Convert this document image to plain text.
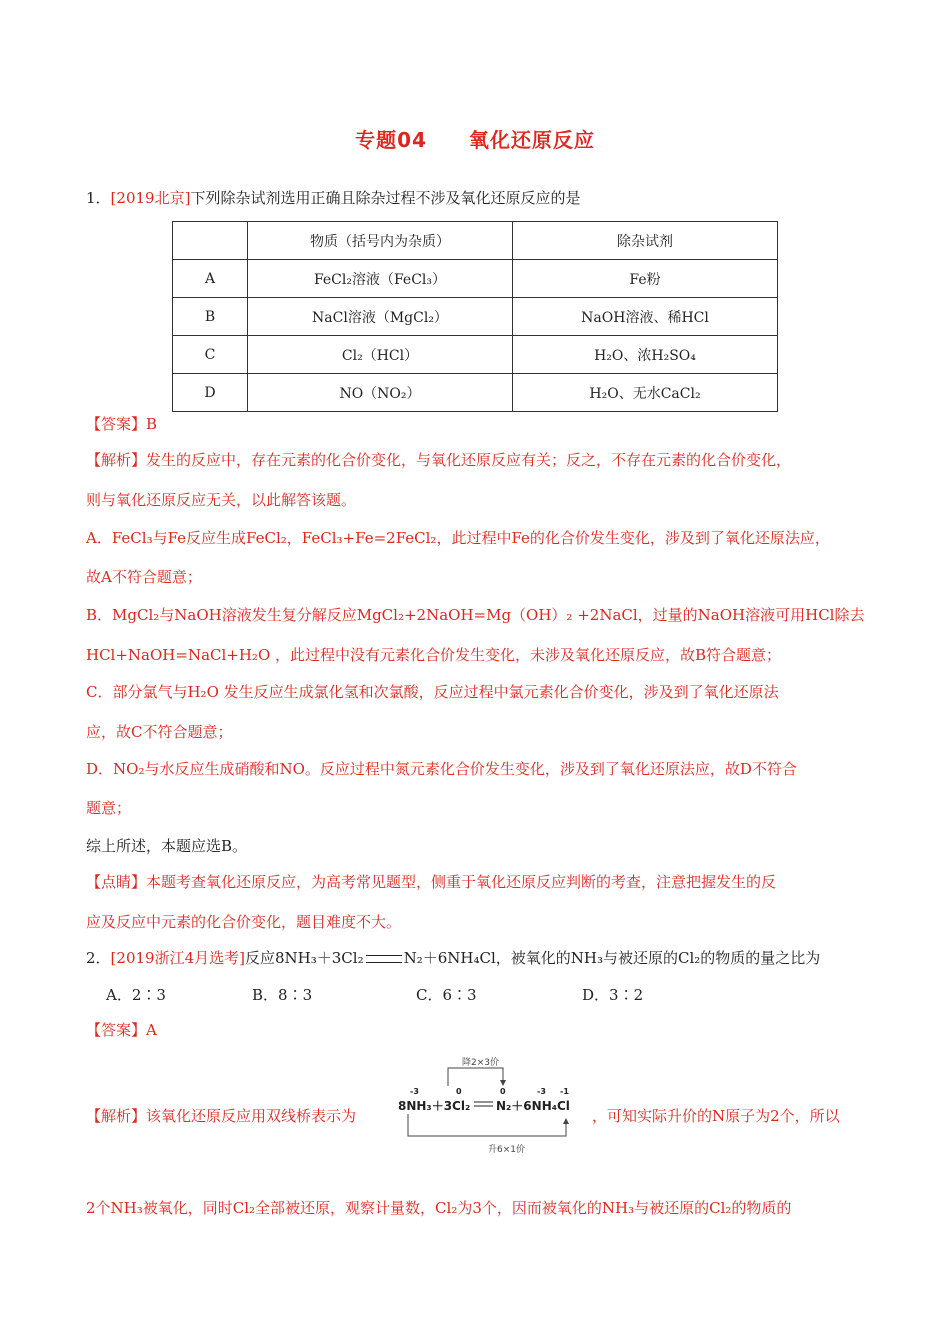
专题04　　氧化还原反应
1．[2019北京]下列除杂试剂选用正确且除杂过程不涉及氧化还原反应的是
	物质（括号内为杂质）	除杂试剂
A	FeCl₂溶液（FeCl₃）	Fe粉
B	NaCl溶液（MgCl₂）	NaOH溶液、稀HCl
C	Cl₂（HCl）	H₂O、浓H₂SO₄
D	NO（NO₂）	H₂O、无水CaCl₂
【答案】B
【解析】发生的反应中，存在元素的化合价变化，与氧化还原反应有关；反之，不存在元素的化合价变化，
则与氧化还原反应无关，以此解答该题。
A．FeCl₃与Fe反应生成FeCl₂，FeCl₃+Fe=2FeCl₂，此过程中Fe的化合价发生变化，涉及到了氧化还原法应，
故A不符合题意；
B．MgCl₂与NaOH溶液发生复分解反应MgCl₂+2NaOH=Mg（OH）₂ +2NaCl，过量的NaOH溶液可用HCl除去
HCl+NaOH=NaCl+H₂O ，此过程中没有元素化合价发生变化，未涉及氧化还原反应，故B符合题意；
C．部分氯气与H₂O 发生反应生成氯化氢和次氯酸，反应过程中氯元素化合价变化，涉及到了氧化还原法
应，故C不符合题意；
D．NO₂与水反应生成硝酸和NO。反应过程中氮元素化合价发生变化，涉及到了氧化还原法应，故D不符合
题意；
综上所述，本题应选B。
【点睛】本题考查氧化还原反应，为高考常见题型，侧重于氧化还原反应判断的考查，注意把握发生的反
应及反应中元素的化合价变化，题目难度不大。
2．[2019浙江4月选考]反应8NH₃＋3Cl₂	N₂＋6NH₄Cl，被氧化的NH₃与被还原的Cl₂的物质的量之比为
A．2∶3	B．8∶3	C．6∶3	D．3∶2
【答案】A
【解析】该氧化还原反应用双线桥表示为
降2×3价
-3	0	0	-3 -1
8NH₃＋3Cl₂ N₂＋6NH₄Cl
升6×1价
，可知实际升价的N原子为2个，所以
2个NH₃被氧化，同时Cl₂全部被还原，观察计量数，Cl₂为3个，因而被氧化的NH₃与被还原的Cl₂的物质的
